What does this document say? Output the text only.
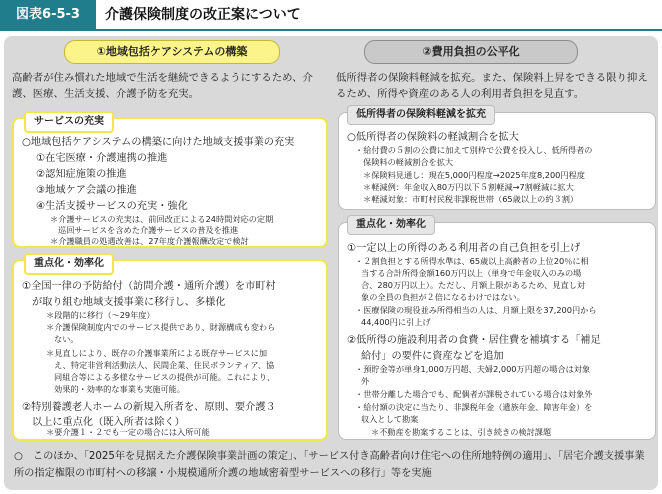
図表6-5-3	介護保険制度の改正案について
①地域包括ケアシステムの構築
高齢者が住み慣れた地域で生活を継続できるようにするため、介護、医療、生活支援、介護予防を充実。
サービスの充実
○地域包括ケアシステムの構築に向けた地域支援事業の充実
①在宅医療・介護連携の推進
②認知症施策の推進
③地域ケア会議の推進
④生活支援サービスの充実・強化
＊介護サービスの充実は、前回改正による24時間対応の定期
巡回サービスを含めた介護サービスの普及を推進
＊介護職員の処遇改善は、27年度介護報酬改定で検討
重点化・効率化
①全国一律の予防給付（訪問介護・通所介護）を市町村
が取り組む地域支援事業に移行し、多様化
＊段階的に移行（～29年度）
＊介護保険制度内でのサービス提供であり、財源構成も変わら
ない。
＊見直しにより、既存の介護事業所による既存サービスに加
え、特定非営利活動法人、民間企業、住民ボランティア、協
同組合等による多様なサービスの提供が可能。これにより、
効果的・効率的な事業も実施可能。
②特別養護老人ホームの新規入所者を、原則、要介護３
以上に重点化（既入所者は除く）
＊要介護１・２でも一定の場合には入所可能
②費用負担の公平化
低所得者の保険料軽減を拡充。また、保険料上昇をできる限り抑えるため、所得や資産のある人の利用者負担を見直す。
低所得者の保険料軽減を拡充
○低所得者の保険料の軽減割合を拡大
・給付費の５割の公費に加えて別枠で公費を投入し、低所得者の
保険料の軽減割合を拡大
＊保険料見通し：現在5,000円程度→2025年度8,200円程度
＊軽減例：年金収入80万円以下５割軽減→7割軽減に拡大
＊軽減対象：市町村民税非課税世帯（65歳以上の約３割）
重点化・効率化
①一定以上の所得のある利用者の自己負担を引上げ
・２割負担とする所得水準は、65歳以上高齢者の上位20％に相
当する合計所得金額160万円以上（単身で年金収入のみの場
合、280万円以上）。ただし、月額上限があるため、見直し対
象の全員の負担が２倍になるわけではない。
・医療保険の現役並み所得相当の人は、月額上限を37,200円から
44,400円に引上げ
②低所得の施設利用者の食費・居住費を補填する「補足
給付」の要件に資産などを追加
・預貯金等が単身1,000万円超、夫婦2,000万円超の場合は対象
外
・世帯分離した場合でも、配偶者が課税されている場合は対象外
・給付額の決定に当たり、非課税年金（遺族年金、障害年金）を
収入として勘案
＊不動産を勘案することは、引き続きの検討課題
○ このほか、「2025年を見据えた介護保険事業計画の策定」、「サービス付き高齢者向け住宅への住所地特例の適用」、「居宅介護支援事業所の指定権限の市町村への移譲・小規模通所介護の地域密着型サービスへの移行」等を実施
